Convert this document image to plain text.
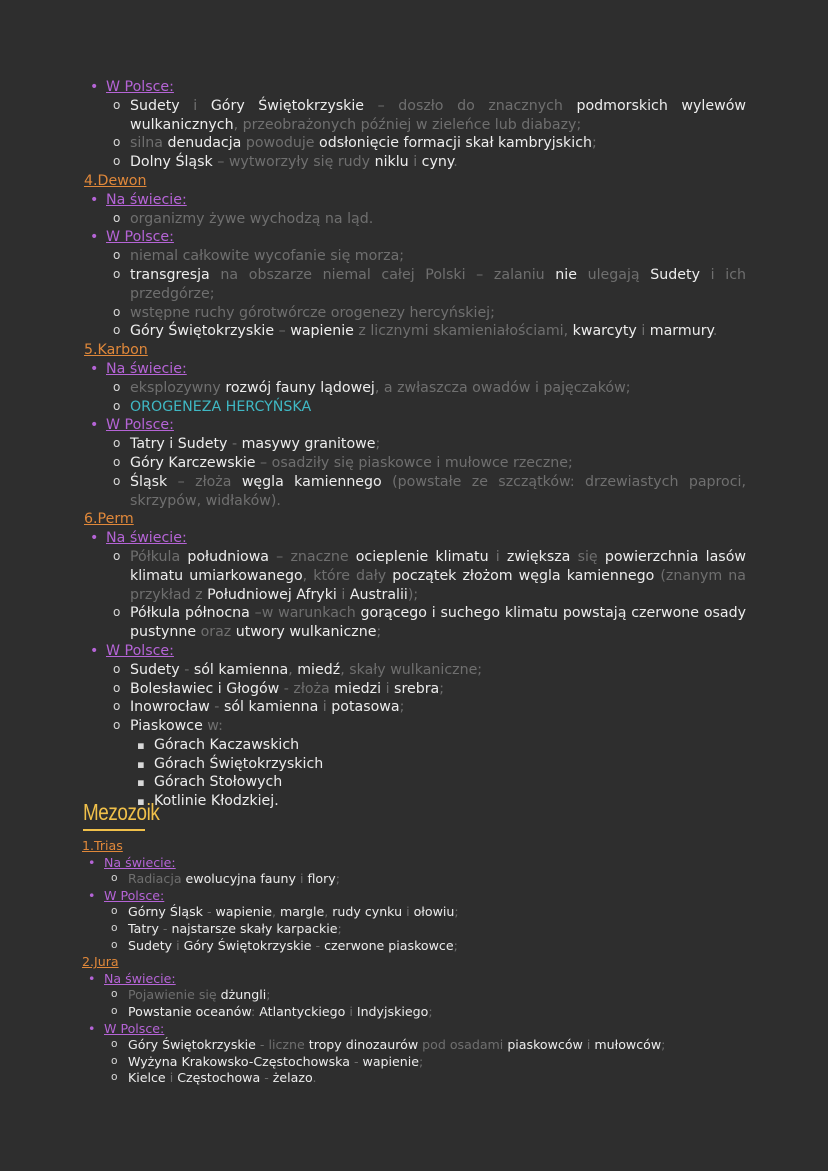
• W Polsce:
o Sudety i Góry Świętokrzyskie – doszło do znacznych podmorskich wylewów wulkanicznych, przeobrażonych później w zieleńce lub diabazy;
o silna denudacja powoduje odsłonięcie formacji skał kambryjskich;
o Dolny Śląsk – wytworzyły się rudy niklu i cyny.
4.Dewon
• Na świecie:
o organizmy żywe wychodzą na ląd.
• W Polsce:
o niemal całkowite wycofanie się morza;
o transgresja na obszarze niemal całej Polski – zalaniu nie ulegają Sudety i ich przedgórze;
o wstępne ruchy górotwórcze orogenezy hercyńskiej;
o Góry Świętokrzyskie – wapienie z licznymi skamieniałościami, kwarcyty i marmury.
5.Karbon
• Na świecie:
o eksplozywny rozwój fauny lądowej, a zwłaszcza owadów i pajęczaków;
o OROGENEZA HERCYŃSKA
• W Polsce:
o Tatry i Sudety - masywy granitowe;
o Góry Karczewskie – osadziły się piaskowce i mułowce rzeczne;
o Śląsk – złoża węgla kamiennego (powstałe ze szczątków: drzewiastych paproci, skrzypów, widłaków).
6.Perm
• Na świecie:
o Półkula południowa – znaczne ocieplenie klimatu i zwiększa się powierzchnia lasów klimatu umiarkowanego, które dały początek złożom węgla kamiennego (znanym na przykład z Południowej Afryki i Australii);
o Półkula północna –w warunkach gorącego i suchego klimatu powstają czerwone osady pustynne oraz utwory wulkaniczne;
• W Polsce:
o Sudety - sól kamienna, miedź, skały wulkaniczne;
o Bolesławiec i Głogów - złoża miedzi i srebra;
o Inowrocław - sól kamienna i potasowa;
o Piaskowce w:
▪ Górach Kaczawskich
▪ Górach Świętokrzyskich
▪ Górach Stołowych
▪ Kotlinie Kłodzkiej.
Mezozoik
1.Trias
• Na świecie:
o Radiacja ewolucyjna fauny i flory;
• W Polsce:
o Górny Śląsk - wapienie, margle, rudy cynku i ołowiu;
o Tatry - najstarsze skały karpackie;
o Sudety i Góry Świętokrzyskie - czerwone piaskowce;
2.Jura
• Na świecie:
o Pojawienie się dżungli;
o Powstanie oceanów: Atlantyckiego i Indyjskiego;
• W Polsce:
o Góry Świętokrzyskie - liczne tropy dinozaurów pod osadami piaskowców i mułowców;
o Wyżyna Krakowsko-Częstochowska - wapienie;
o Kielce i Częstochowa - żelazo.
